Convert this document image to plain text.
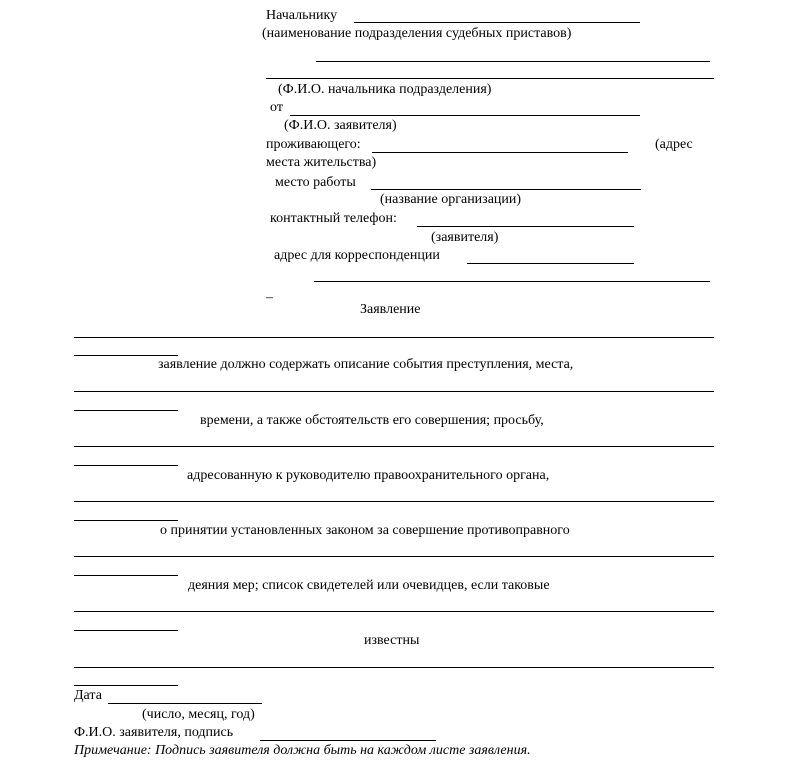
Начальнику
(наименование подразделения судебных приставов)
(Ф.И.О. начальника подразделения)
от
(Ф.И.О. заявителя)
проживающего:	(адрес
места жительства)
место работы
(название организации)
контактный телефон:
(заявителя)
адрес для корреспонденции
–
Заявление
заявление должно содержать описание события преступления, места,
времени, а также обстоятельств его совершения; просьбу,
адресованную к руководителю правоохранительного органа,
о принятии установленных законом за совершение противоправного
деяния мер; список свидетелей или очевидцев, если таковые
известны
Дата
(число, месяц, год)
Ф.И.О. заявителя, подпись
Примечание: Подпись заявителя должна быть на каждом листе заявления.
